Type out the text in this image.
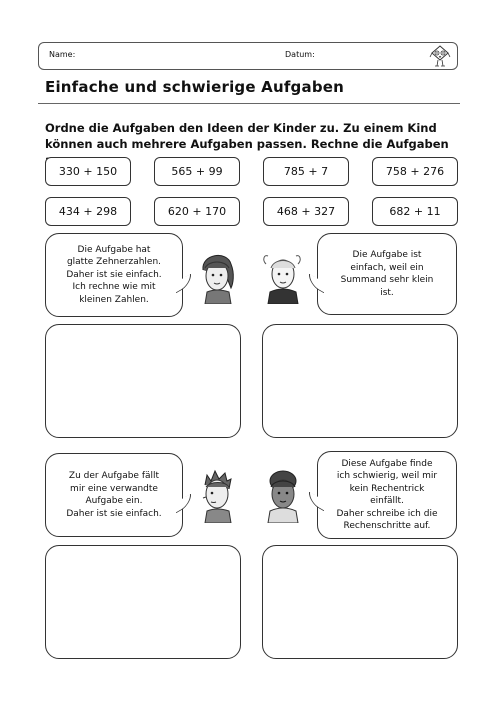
Name:	Datum:
Einfache und schwierige Aufgaben
Ordne die Aufgaben den Ideen der Kinder zu. Zu einem Kind können auch mehrere Aufgaben passen. Rechne die Aufgaben
330 + 150	565 + 99	785 + 7	758 + 276
434 + 298	620 + 170	468 + 327	682 + 11
Die Aufgabe hat
glatte Zehnerzahlen.
Daher ist sie einfach.
Ich rechne wie mit
kleinen Zahlen.
Die Aufgabe ist
einfach, weil ein
Summand sehr klein
ist.
Zu der Aufgabe fällt
mir eine verwandte
Aufgabe ein.
Daher ist sie einfach.
Diese Aufgabe finde
ich schwierig, weil mir
kein Rechentrick
einfällt.
Daher schreibe ich die
Rechenschritte auf.
